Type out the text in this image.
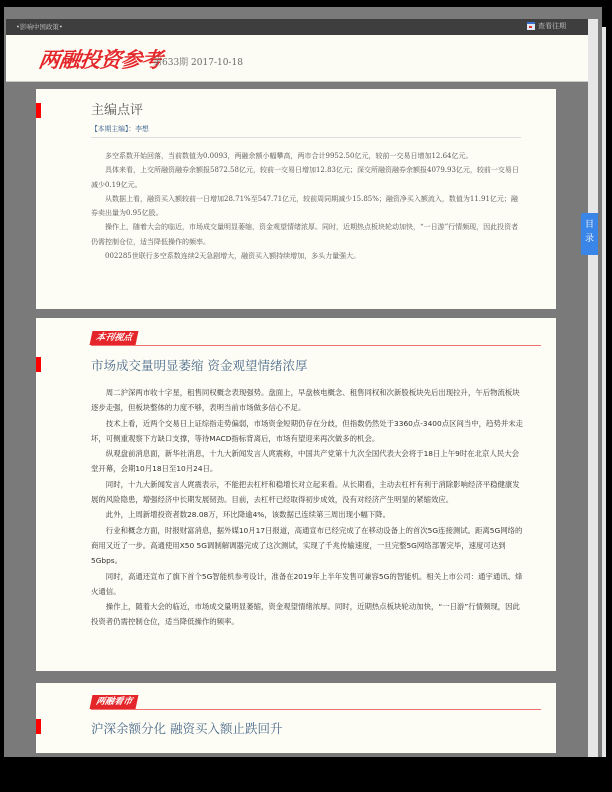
•影响中国政策•	查看往期
两融投资参考
第633期 2017-10-18
主编点评
【本期主编】：李想

多空系数开始回落，当前数值为0.0093，两融余额小幅攀高，两市合计9952.50亿元，较前一交易日增加12.64亿元。

具体来看，上交所融资融券余额报5872.58亿元，较前一交易日增加12.83亿元；深交所融资融券余额报4079.93亿元，较前一交易日减少0.19亿元。

从数据上看，融资买入额较前一日增加28.71%至547.71亿元，较前周同期减少15.85%；融资净买入额流入，数值为11.91亿元；融券卖出量为0.95亿股。

操作上，随着大会的临近，市场成交量明显萎缩，资金观望情绪浓厚。同时，近期热点板块轮动加快，“一日游”行情频现，因此投资者仍需控制仓位，适当降低操作的频率。

002285世联行多空系数连续2天急剧增大，融资买入额持续增加，多头力量强大。

本刊视点
市场成交量明显萎缩 资金观望情绪浓厚

周二沪深两市收十字星，租售同权概念表现强势。盘面上，早盘核电概念、租售同权和次新股板块先后出现拉升，午后物流板块逐步走强，但板块整体的力度不够，表明当前市场做多信心不足。

技术上看，近两个交易日上证综指走势偏弱，市场资金短期仍存在分歧，但指数仍然处于3360点-3400点区间当中，趋势并未走坏，可侧重观察下方缺口支撑，等待MACD指标背离后，市场有望迎来再次做多的机会。

纵观盘前消息面，新华社消息，十九大新闻发言人庹震称，中国共产党第十九次全国代表大会将于18日上午9时在北京人民大会堂开幕，会期10月18日至10月24日。

同时，十九大新闻发言人庹震表示，不能把去杠杆和稳增长对立起来看。从长期看，主动去杠杆有利于消除影响经济平稳健康发展的风险隐患，增强经济中长期发展韧劲。目前，去杠杆已经取得初步成效，没有对经济产生明显的紧缩效应。

此外，上周新增投资者数28.08万，环比降逾4%，该数据已连续第三周出现小幅下降。

行业和概念方面，时报财富消息，据外媒10月17日报道，高通宣布已经完成了在移动设备上的首次5G连接测试。距离5G网络的商用又近了一步。高通使用X50 5G调制解调器完成了这次测试，实现了千兆传输速度，一旦完整5G网络部署完毕，速度可达到5Gbps。

同时，高通还宣布了旗下首个5G智能机参考设计，准备在2019年上半年发售可兼容5G的智能机。相关上市公司：通宇通讯、烽火通信。

操作上，随着大会的临近，市场成交量明显萎缩，资金观望情绪浓厚。同时，近期热点板块轮动加快，“一日游”行情频现，因此投资者仍需控制仓位，适当降低操作的频率。

两融看市
沪深余额分化 融资买入额止跌回升
目
录
